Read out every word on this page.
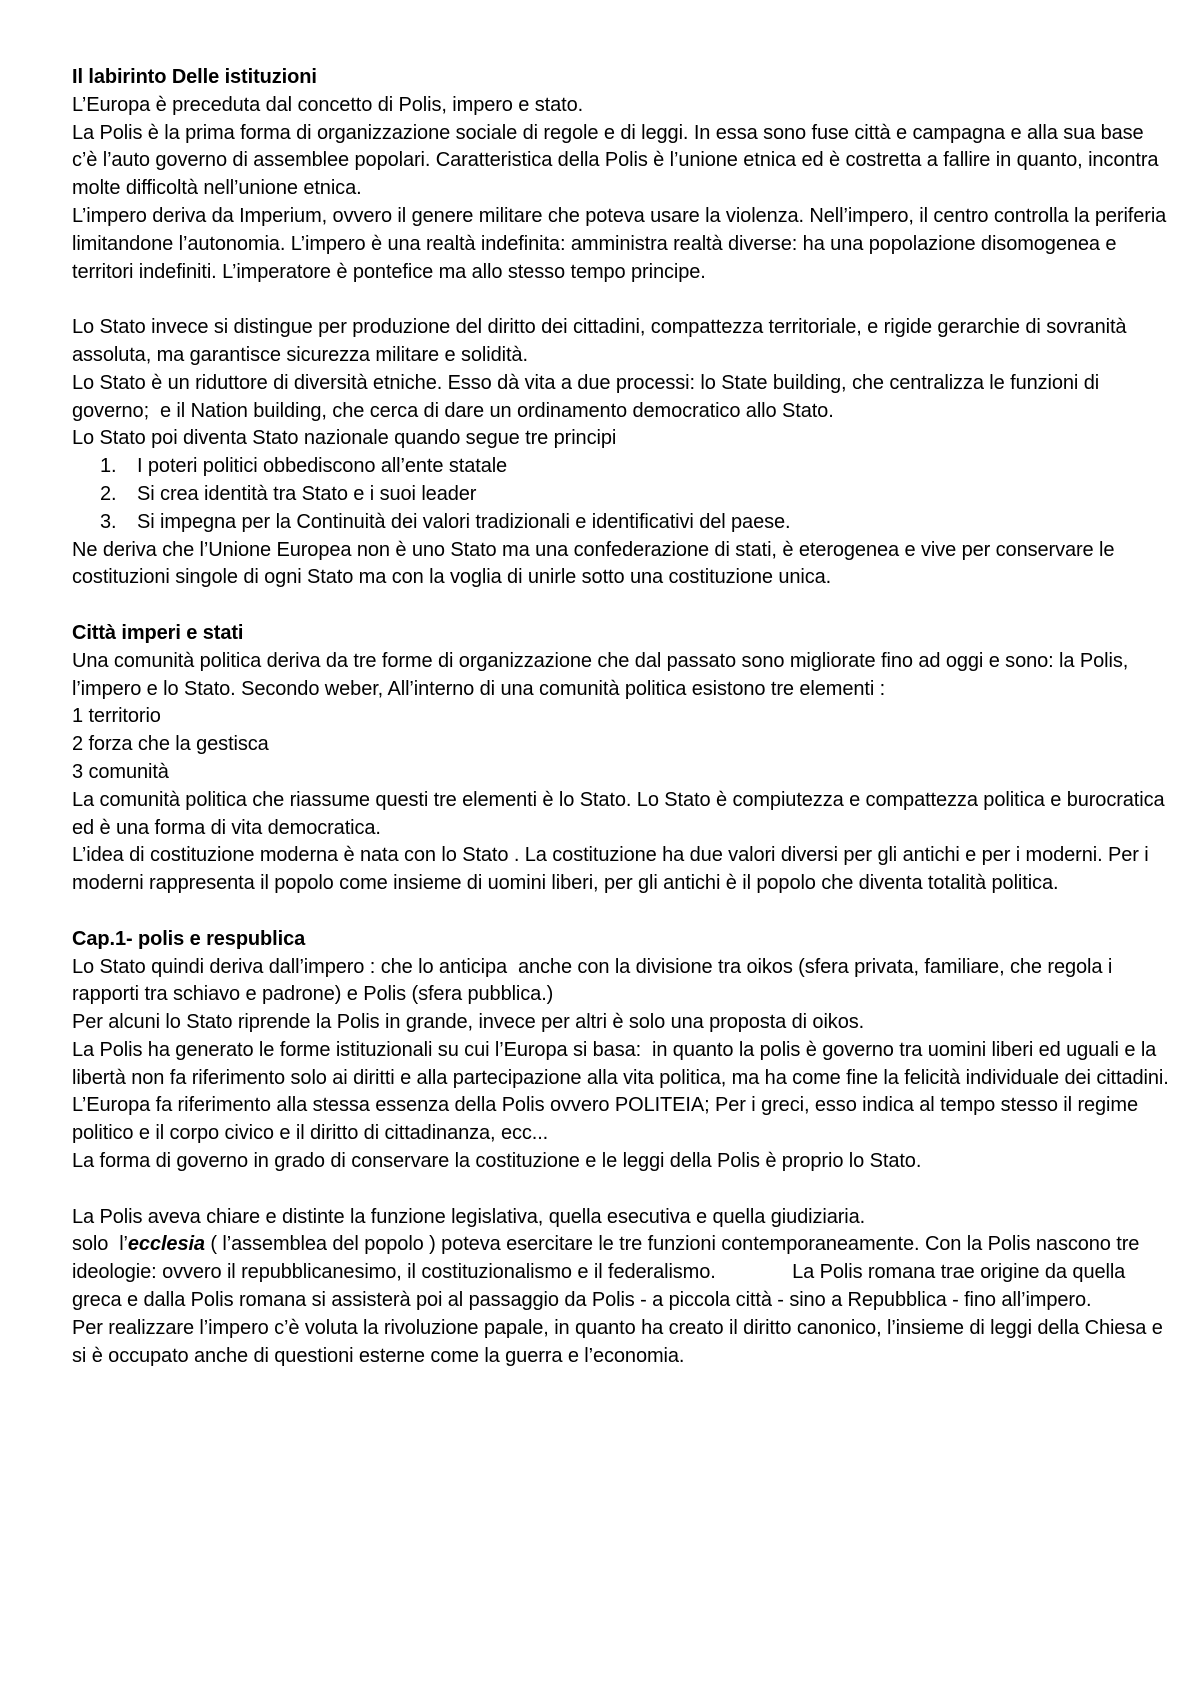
Il labirinto Delle istituzioni

L’Europa è preceduta dal concetto di Polis, impero e stato.

La Polis è la prima forma di organizzazione sociale di regole e di leggi. In essa sono fuse città e campagna e alla sua base c’è l’auto governo di assemblee popolari. Caratteristica della Polis è l’unione etnica ed è costretta a fallire in quanto, incontra molte difficoltà nell’unione etnica.

L’impero deriva da Imperium, ovvero il genere militare che poteva usare la violenza. Nell’impero, il centro controlla la periferia limitandone l’autonomia. L’impero è una realtà indefinita: amministra realtà diverse: ha una popolazione disomogenea e territori indefiniti. L’imperatore è pontefice ma allo stesso tempo principe.

Lo Stato invece si distingue per produzione del diritto dei cittadini, compattezza territoriale, e rigide gerarchie di sovranità assoluta, ma garantisce sicurezza militare e solidità.

Lo Stato è un riduttore di diversità etniche. Esso dà vita a due processi: lo State building, che centralizza le funzioni di governo;  e il Nation building, che cerca di dare un ordinamento democratico allo Stato.

Lo Stato poi diventa Stato nazionale quando segue tre principi

1.	I poteri politici obbediscono all’ente statale
2.	Si crea identità tra Stato e i suoi leader
3.	Si impegna per la Continuità dei valori tradizionali e identificativi del paese.

Ne deriva che l’Unione Europea non è uno Stato ma una confederazione di stati, è eterogenea e vive per conservare le costituzioni singole di ogni Stato ma con la voglia di unirle sotto una costituzione unica.

Città imperi e stati

Una comunità politica deriva da tre forme di organizzazione che dal passato sono migliorate fino ad oggi e sono: la Polis, l’impero e lo Stato. Secondo weber, All’interno di una comunità politica esistono tre elementi :

1 territorio

2 forza che la gestisca

3 comunità

La comunità politica che riassume questi tre elementi è lo Stato. Lo Stato è compiutezza e compattezza politica e burocratica ed è una forma di vita democratica.

L’idea di costituzione moderna è nata con lo Stato . La costituzione ha due valori diversi per gli antichi e per i moderni. Per i moderni rappresenta il popolo come insieme di uomini liberi, per gli antichi è il popolo che diventa totalità politica.

Cap.1- polis e respublica

Lo Stato quindi deriva dall’impero : che lo anticipa  anche con la divisione tra oikos (sfera privata, familiare, che regola i rapporti tra schiavo e padrone) e Polis (sfera pubblica.)

Per alcuni lo Stato riprende la Polis in grande, invece per altri è solo una proposta di oikos.

La Polis ha generato le forme istituzionali su cui l’Europa si basa:  in quanto la polis è governo tra uomini liberi ed uguali e la libertà non fa riferimento solo ai diritti e alla partecipazione alla vita politica, ma ha come fine la felicità individuale dei cittadini.

L’Europa fa riferimento alla stessa essenza della Polis ovvero POLITEIA; Per i greci, esso indica al tempo stesso il regime politico e il corpo civico e il diritto di cittadinanza, ecc...

La forma di governo in grado di conservare la costituzione e le leggi della Polis è proprio lo Stato.

La Polis aveva chiare e distinte la funzione legislativa, quella esecutiva e quella giudiziaria.

solo  l’ecclesia ( l’assemblea del popolo ) poteva esercitare le tre funzioni contemporaneamente. Con la Polis nascono tre ideologie: ovvero il repubblicanesimo, il costituzionalismo e il federalismo.              La Polis romana trae origine da quella greca e dalla Polis romana si assisterà poi al passaggio da Polis - a piccola città - sino a Repubblica - fino all’impero.

Per realizzare l’impero c’è voluta la rivoluzione papale, in quanto ha creato il diritto canonico, l’insieme di leggi della Chiesa e si è occupato anche di questioni esterne come la guerra e l’economia.
